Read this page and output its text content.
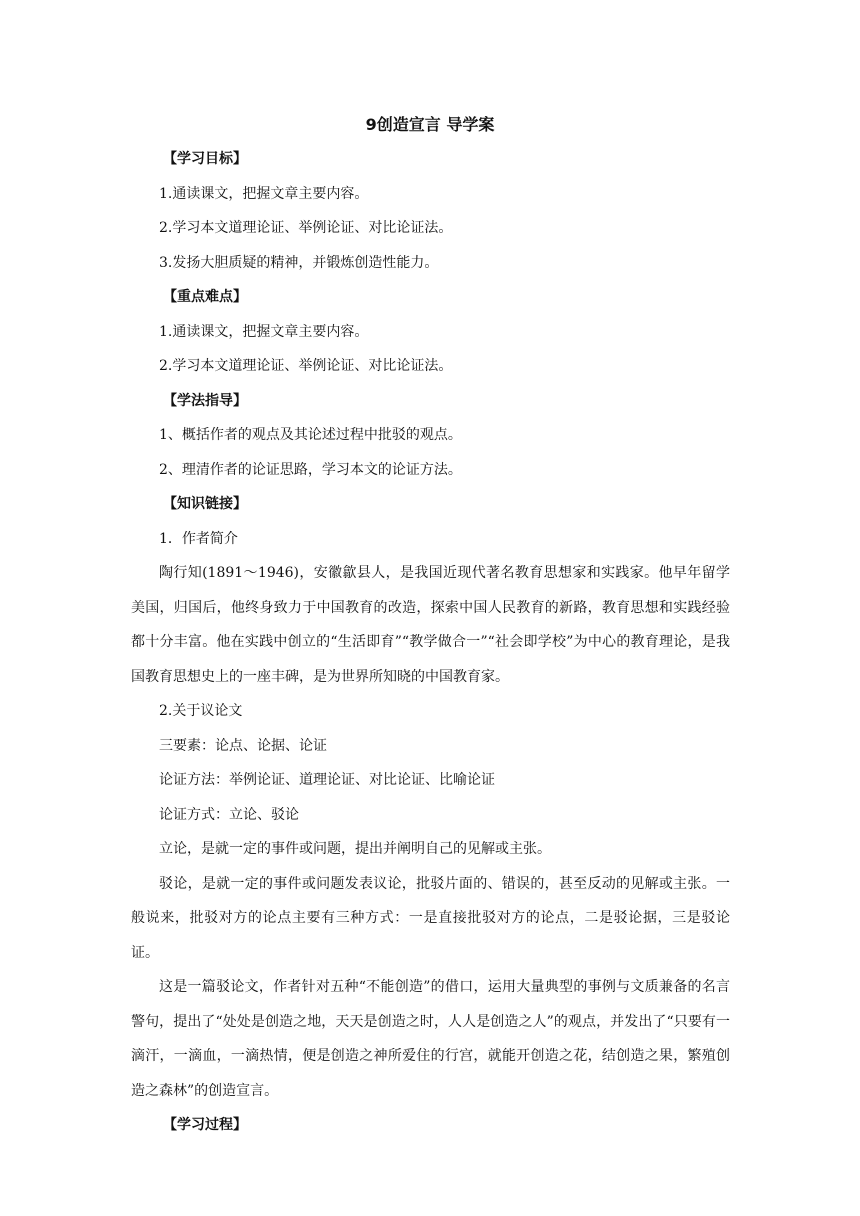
9创造宣言 导学案

【学习目标】

1.通读课文，把握文章主要内容。

2.学习本文道理论证、举例论证、对比论证法。

3.发扬大胆质疑的精神，并锻炼创造性能力。

【重点难点】

1.通读课文，把握文章主要内容。

2.学习本文道理论证、举例论证、对比论证法。

【学法指导】

1、概括作者的观点及其论述过程中批驳的观点。

2、理清作者的论证思路，学习本文的论证方法。

【知识链接】

1．作者简介

陶行知(1891～1946)，安徽歙县人，是我国近现代著名教育思想家和实践家。他早年留学美国，归国后，他终身致力于中国教育的改造，探索中国人民教育的新路，教育思想和实践经验都十分丰富。他在实践中创立的“生活即育”“教学做合一”“社会即学校”为中心的教育理论，是我国教育思想史上的一座丰碑，是为世界所知晓的中国教育家。

2.关于议论文

三要素：论点、论据、论证

论证方法：举例论证、道理论证、对比论证、比喻论证

论证方式：立论、驳论

立论，是就一定的事件或问题，提出并阐明自己的见解或主张。

驳论，是就一定的事件或问题发表议论，批驳片面的、错误的，甚至反动的见解或主张。一般说来，批驳对方的论点主要有三种方式：一是直接批驳对方的论点，二是驳论据，三是驳论证。

这是一篇驳论文，作者针对五种“不能创造”的借口，运用大量典型的事例与文质兼备的名言警句，提出了“处处是创造之地，天天是创造之时，人人是创造之人”的观点，并发出了“只要有一滴汗，一滴血，一滴热情，便是创造之神所爱住的行宫，就能开创造之花，结创造之果，繁殖创造之森林”的创造宣言。

【学习过程】
